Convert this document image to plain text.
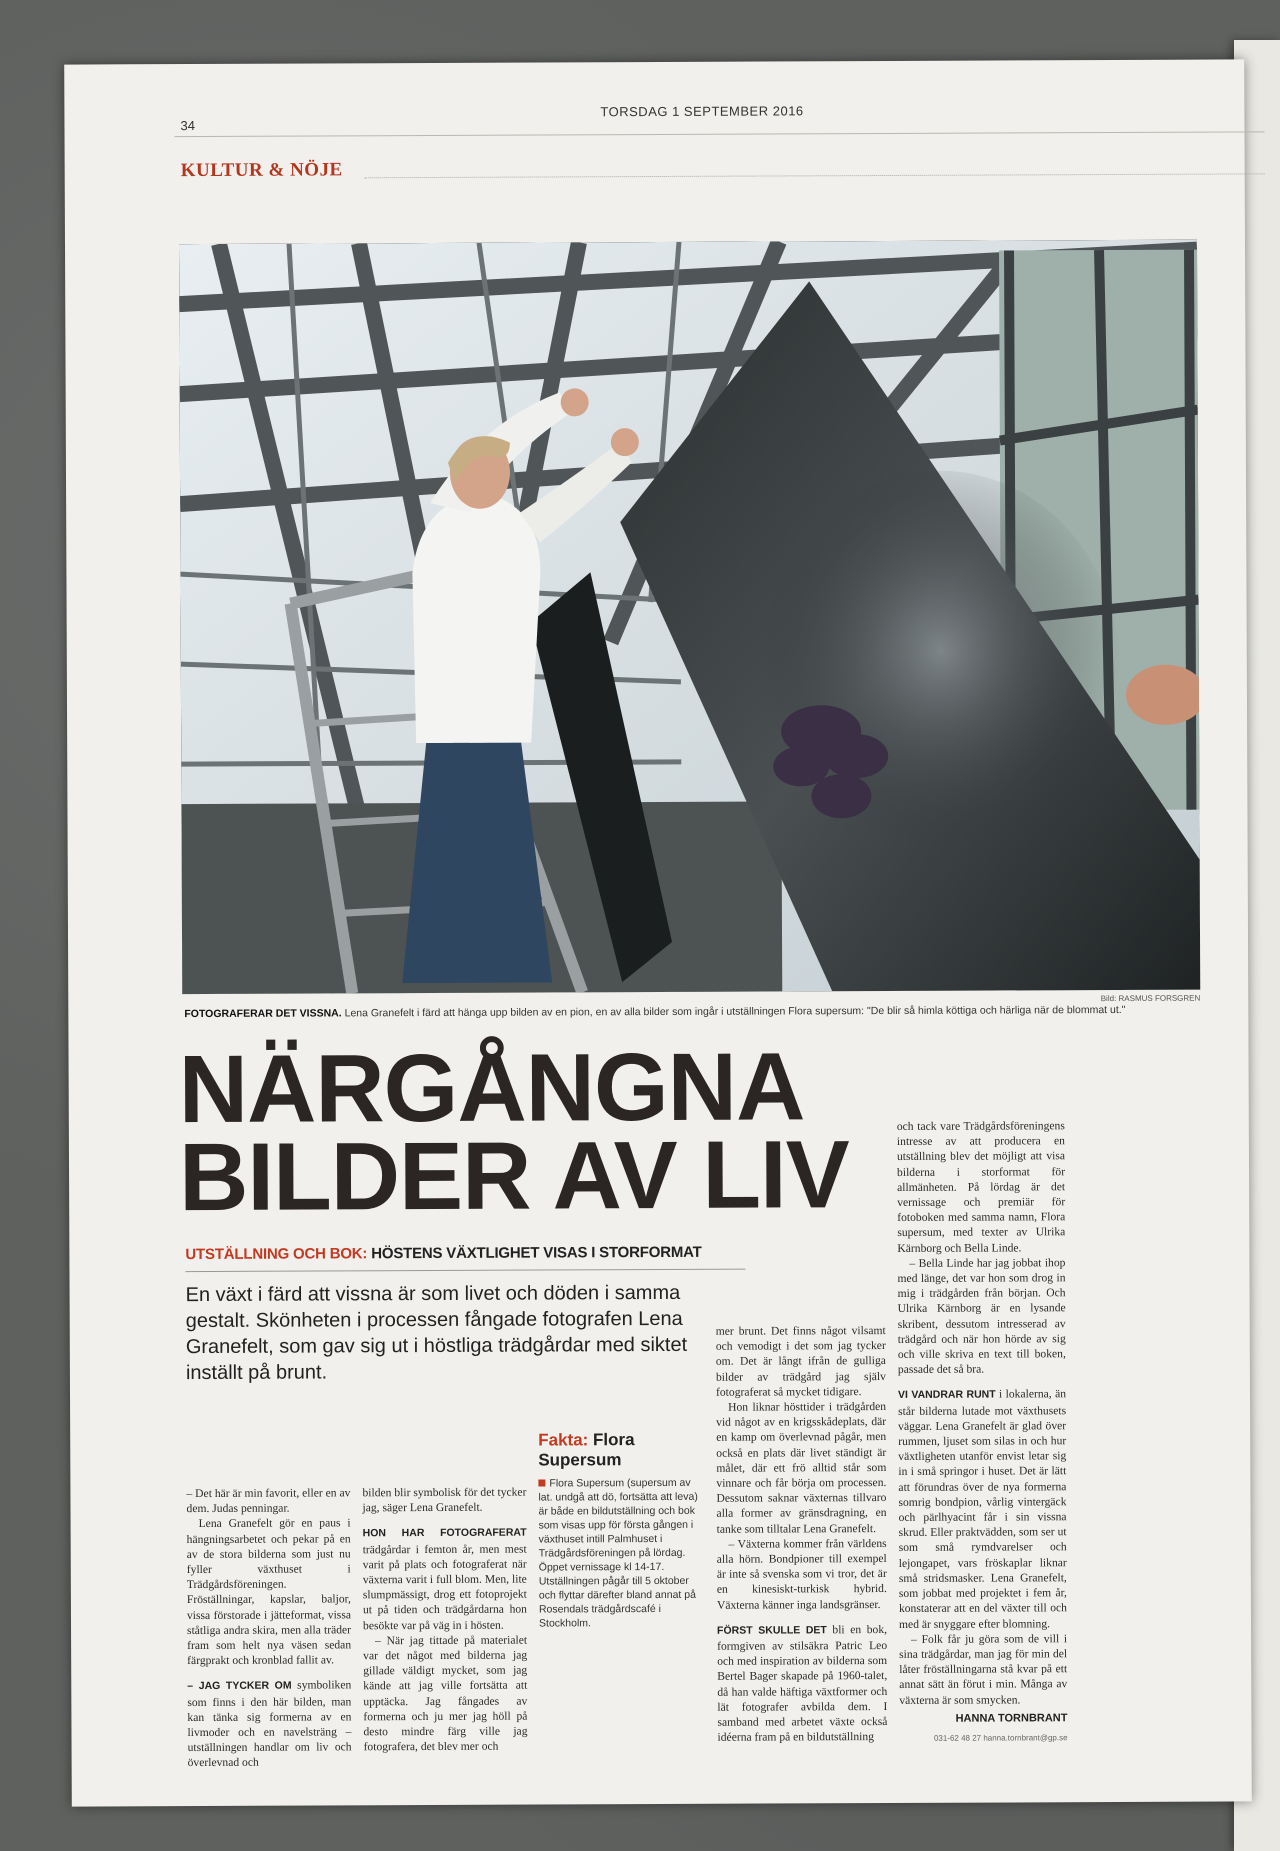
34
TORSDAG 1 SEPTEMBER 2016
KULTUR & NÖJE
Bild: RASMUS FORSGREN
FOTOGRAFERAR DET VISSNA. Lena Granefelt i färd att hänga upp bilden av en pion, en av alla bilder som ingår i utställningen Flora supersum: "De blir så himla köttiga och härliga när de blommat ut."
NÄRGÅNGNA
BILDER AV LIV
UTSTÄLLNING OCH BOK: HÖSTENS VÄXTLIGHET VISAS I STORFORMAT
En växt i färd att vissna är som livet och döden i samma gestalt. Skönheten i processen fångade fotografen Lena Granefelt, som gav sig ut i höstliga trädgårdar med siktet inställt på brunt.

– Det här är min favorit, eller en av dem. Judas penningar.

Lena Granefelt gör en paus i hängningsarbetet och pekar på en av de stora bilderna som just nu fyller växthuset i Trädgårdsföreningen. Fröställningar, kapslar, baljor, vissa förstorade i jätteformat, vissa ståtliga andra skira, men alla träder fram som helt nya väsen sedan färgprakt och kronblad fallit av.

– JAG TYCKER OM symboliken som finns i den här bilden, man kan tänka sig formerna av en livmoder och en navelsträng – utställningen handlar om liv och överlevnad och

bilden blir symbolisk för det tycker jag, säger Lena Granefelt.

HON HAR FOTOGRAFERAT trädgårdar i femton år, men mest varit på plats och fotograferat när växterna varit i full blom. Men, lite slumpmässigt, drog ett fotoprojekt ut på tiden och trädgårdarna hon besökte var på väg in i hösten.

– När jag tittade på materialet var det något med bilderna jag gillade väldigt mycket, som jag kände att jag ville fortsätta att upptäcka. Jag fångades av formerna och ju mer jag höll på desto mindre färg ville jag fotografera, det blev mer och

Fakta: Flora Supersum
Flora Supersum (supersum av lat. undgå att dö, fortsätta att leva) är både en bildutställning och bok som visas upp för första gången i växthuset intill Palmhuset i Trädgårdsföreningen på lördag. Öppet vernissage kl 14-17. Utställningen pågår till 5 oktober och flyttar därefter bland annat på Rosendals trädgårdscafé i Stockholm.

mer brunt. Det finns något vilsamt och vemodigt i det som jag tycker om. Det är långt ifrån de gulliga bilder av trädgård jag själv fotograferat så mycket tidigare.

Hon liknar hösttider i trädgården vid något av en krigsskådeplats, där en kamp om överlevnad pågår, men också en plats där livet ständigt är målet, där ett frö alltid står som vinnare och får börja om processen. Dessutom saknar växternas tillvaro alla former av gränsdragning, en tanke som tilltalar Lena Granefelt.

– Växterna kommer från världens alla hörn. Bondpioner till exempel är inte så svenska som vi tror, det är en kinesiskt-turkisk hybrid. Växterna känner inga landsgränser.

FÖRST SKULLE DET bli en bok, formgiven av stilsäkra Patric Leo och med inspiration av bilderna som Bertel Bager skapade på 1960-talet, då han valde häftiga växtformer och lät fotografer avbilda dem. I samband med arbetet växte också idéerna fram på en bildutställning

och tack vare Trädgårdsföreningens intresse av att producera en utställning blev det möjligt att visa bilderna i storformat för allmänheten. På lördag är det vernissage och premiär för fotoboken med samma namn, Flora supersum, med texter av Ulrika Kärnborg och Bella Linde.

– Bella Linde har jag jobbat ihop med länge, det var hon som drog in mig i trädgården från början. Och Ulrika Kärnborg är en lysande skribent, dessutom intresserad av trädgård och när hon hörde av sig och ville skriva en text till boken, passade det så bra.

VI VANDRAR RUNT i lokalerna, än står bilderna lutade mot växthusets väggar. Lena Granefelt är glad över rummen, ljuset som silas in och hur växtligheten utanför envist letar sig in i små springor i huset. Det är lätt att förundras över de nya formerna somrig bondpion, vårlig vintergäck och pärlhyacint får i sin vissna skrud. Eller praktvädden, som ser ut som små rymdvarelser och lejongapet, vars fröskaplar liknar små stridsmasker. Lena Granefelt, som jobbat med projektet i fem år, konstaterar att en del växter till och med är snyggare efter blomning.

– Folk får ju göra som de vill i sina trädgårdar, man jag för min del låter fröställningarna stå kvar på ett annat sätt än förut i min. Många av växterna är som smycken.

HANNA TORNBRANT
031-62 48 27 hanna.tornbrant@gp.se
